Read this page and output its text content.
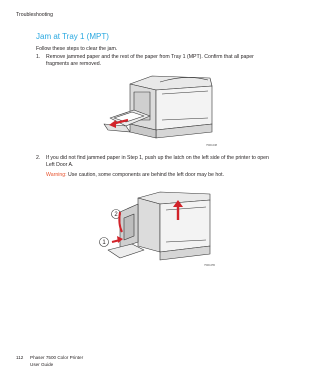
Troubleshooting
Jam at Tray 1 (MPT)
Follow these steps to clear the jam.
1. Remove jammed paper and the rest of the paper from Tray 1 (MPT). Confirm that all paper
fragments are removed.
7500-038
2. If you did not find jammed paper in Step 1, push up the latch on the left side of the printer to open
Left Door A.
Warning: Use caution, some components are behind the left door may be hot.
2
1
7500-055
112 Phaser 7500 Color Printer
User Guide
